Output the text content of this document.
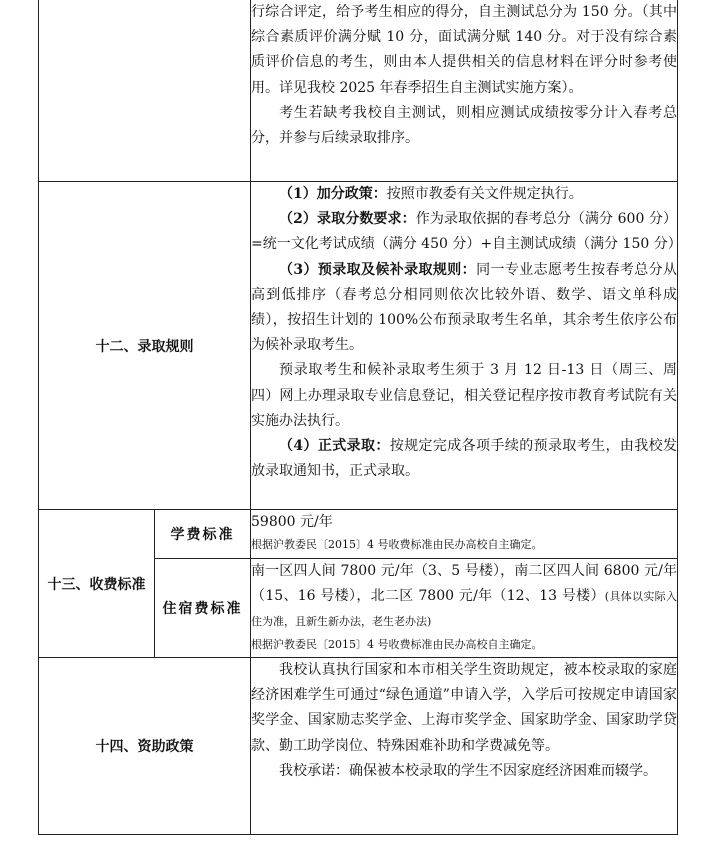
		行综合评定，给予考生相应的得分，自主测试总分为 150 分。（其中综合素质评价满分赋 10 分，面试满分赋 140 分。对于没有综合素质评价信息的考生，则由本人提供相关的信息材料在评分时参考使用。详见我校 2025 年春季招生自主测试实施方案）。

考生若缺考我校自主测试，则相应测试成绩按零分计入春考总分，并参与后续录取排序。

十二、录取规则		（1）加分政策：按照市教委有关文件规定执行。

（2）录取分数要求：作为录取依据的春考总分（满分 600 分）=统一文化考试成绩（满分 450 分）+自主测试成绩（满分 150 分）

（3）预录取及候补录取规则：同一专业志愿考生按春考总分从高到低排序（春考总分相同则依次比较外语、数学、语文单科成绩），按招生计划的 100%公布预录取考生名单，其余考生依序公布为候补录取考生。

预录取考生和候补录取考生须于 3 月 12 日-13 日（周三、周四）网上办理录取专业信息登记，相关登记程序按市教育考试院有关实施办法执行。

（4）正式录取：按规定完成各项手续的预录取考生，由我校发放录取通知书，正式录取。

十三、收费标准	学费标准	59800 元/年

根据沪教委民〔2015〕4 号收费标准由民办高校自主确定。

	住宿费标准	南一区四人间 7800 元/年（3、5 号楼），南二区四人间 6800 元/年（15、16 号楼），北二区 7800 元/年（12、13 号楼）(具体以实际入住为准，且新生新办法，老生老办法)

根据沪教委民〔2015〕4 号收费标准由民办高校自主确定。

十四、资助政策		我校认真执行国家和本市相关学生资助规定，被本校录取的家庭经济困难学生可通过“绿色通道”申请入学，入学后可按规定申请国家奖学金、国家励志奖学金、上海市奖学金、国家助学金、国家助学贷款、勤工助学岗位、特殊困难补助和学费减免等。

我校承诺：确保被本校录取的学生不因家庭经济困难而辍学。
